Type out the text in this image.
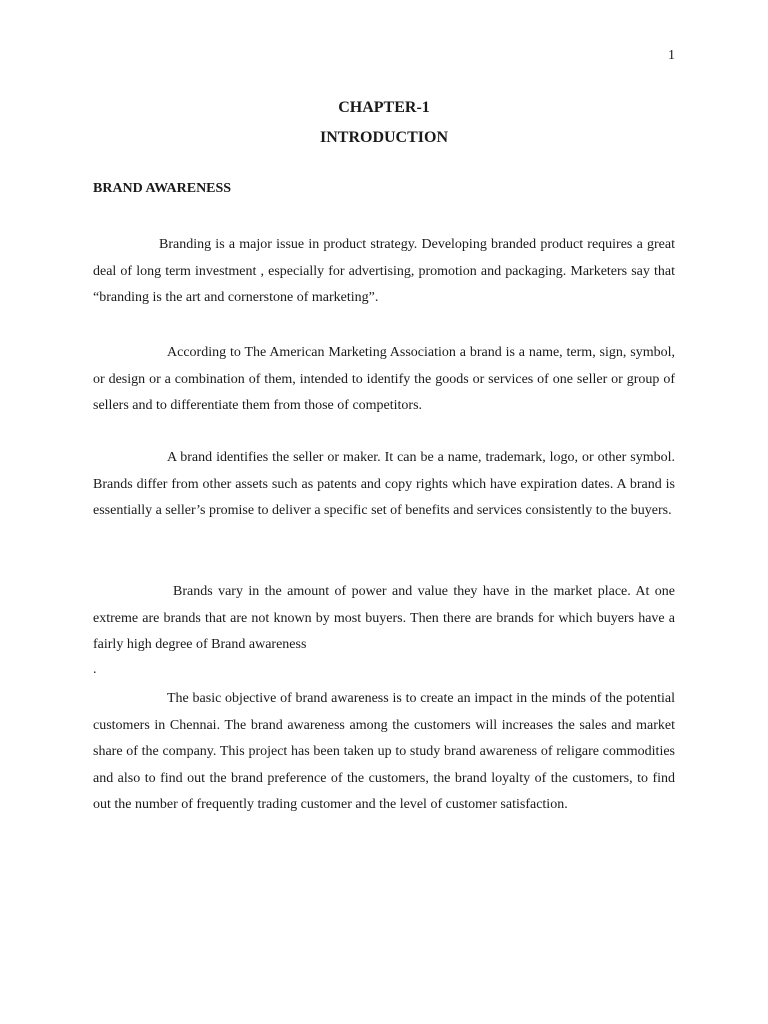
1
CHAPTER-1
INTRODUCTION
BRAND AWARENESS

Branding is a major issue in product strategy. Developing branded product requires a great deal of long term investment , especially for advertising, promotion and packaging. Marketers say that “branding is the art and cornerstone of marketing”.

According to The American Marketing Association a brand is a name, term, sign, symbol, or design or a combination of them, intended to identify the goods or services of one seller or group of sellers and to differentiate them from those of competitors.

A brand identifies the seller or maker. It can be a name, trademark, logo, or other symbol. Brands differ from other assets such as patents and copy rights which have expiration dates. A brand is essentially a seller’s promise to deliver a specific set of benefits and services consistently to the buyers.

Brands vary in the amount of power and value they have in the market place. At one extreme are brands that are not known by most buyers. Then there are brands for which buyers have a fairly high degree of Brand awareness

.

The basic objective of brand awareness is to create an impact in the minds of the potential customers in Chennai. The brand awareness among the customers will increases the sales and market share of the company. This project has been taken up to study brand awareness of religare commodities and also to find out the brand preference of the customers, the brand loyalty of the customers, to find out the number of frequently trading customer and the level of customer satisfaction.
